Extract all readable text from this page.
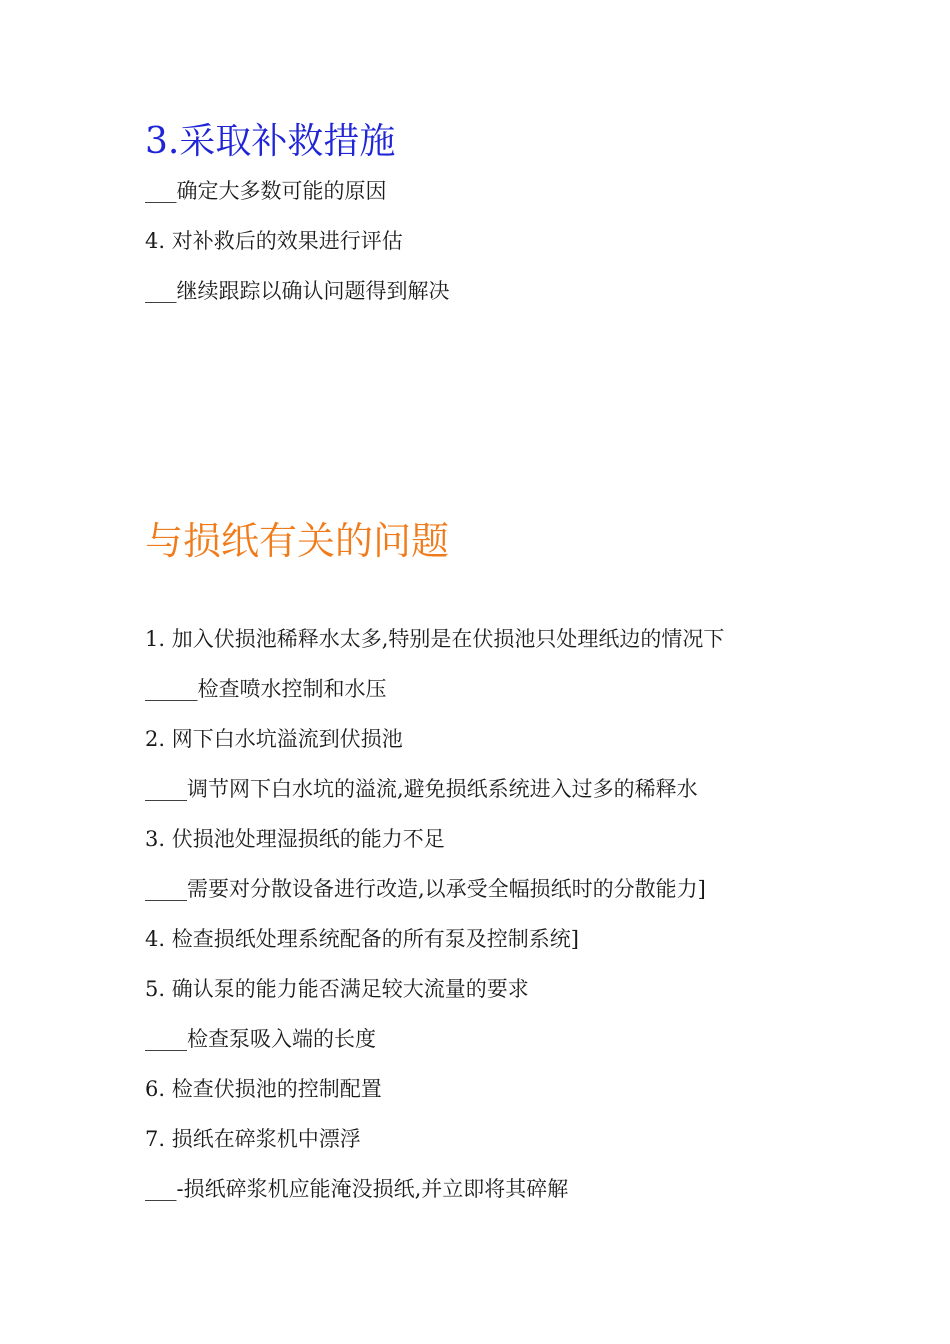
3.采取补救措施
___确定大多数可能的原因
4. 对补救后的效果进行评估
___继续跟踪以确认问题得到解决
与损纸有关的问题
1. 加入伏损池稀释水太多,特别是在伏损池只处理纸边的情况下
_____检查喷水控制和水压
2. 网下白水坑溢流到伏损池
____调节网下白水坑的溢流,避免损纸系统进入过多的稀释水
3. 伏损池处理湿损纸的能力不足
____需要对分散设备进行改造,以承受全幅损纸时的分散能力]
4. 检查损纸处理系统配备的所有泵及控制系统]
5. 确认泵的能力能否满足较大流量的要求
____检查泵吸入端的长度
6. 检查伏损池的控制配置
7. 损纸在碎浆机中漂浮
___-损纸碎浆机应能淹没损纸,并立即将其碎解
